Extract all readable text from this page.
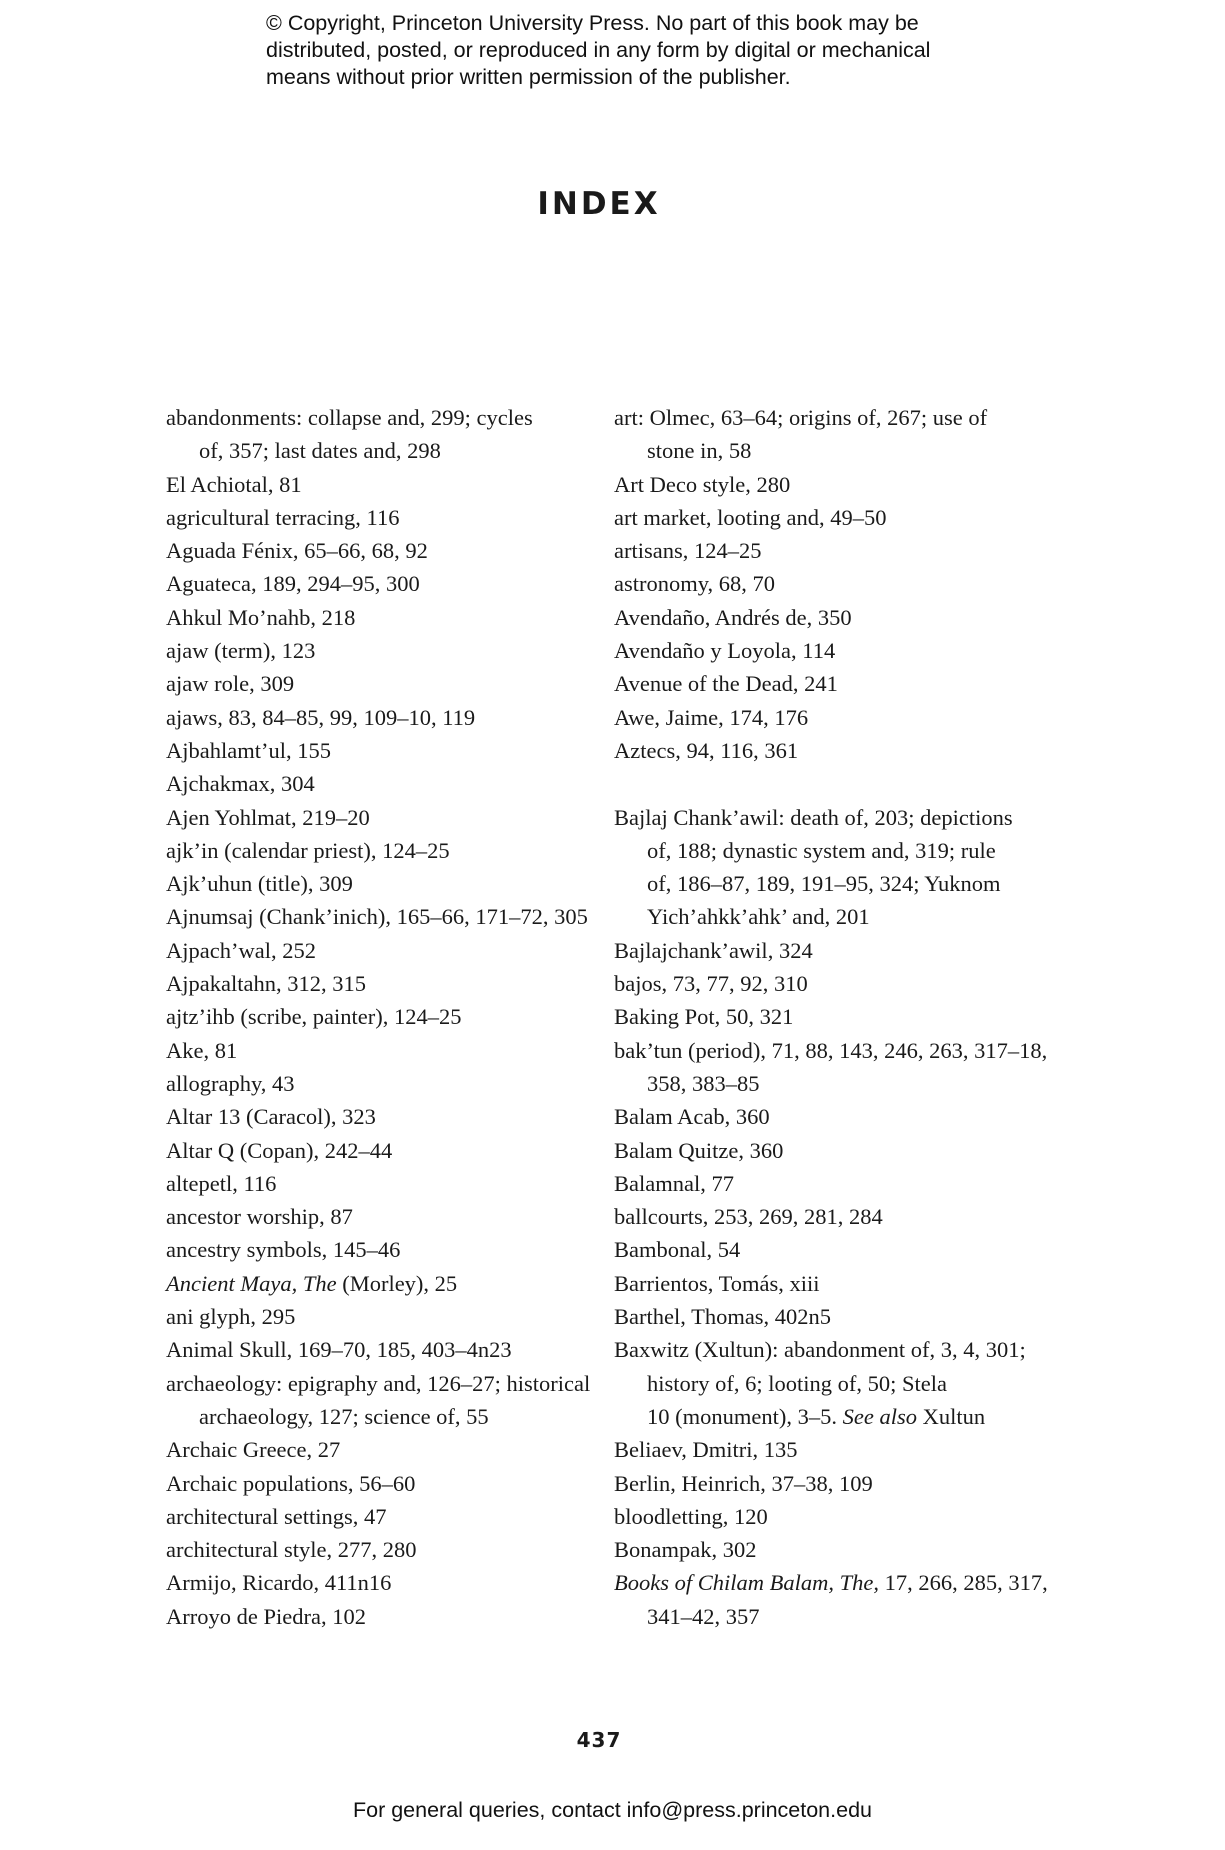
© Copyright, Princeton University Press. No part of this book may be
distributed, posted, or reproduced in any form by digital or mechanical
means without prior written permission of the publisher.
INDEX
abandonments: collapse and, 299; cycles
of, 357; last dates and, 298
El Achiotal, 81
agricultural terracing, 116
Aguada Fénix, 65–66, 68, 92
Aguateca, 189, 294–95, 300
Ahkul Mo’nahb, 218
ajaw (term), 123
ajaw role, 309
ajaws, 83, 84–85, 99, 109–10, 119
Ajbahlamt’ul, 155
Ajchakmax, 304
Ajen Yohlmat, 219–20
ajk’in (calendar priest), 124–25
Ajk’uhun (title), 309
Ajnumsaj (Chank’inich), 165–66, 171–72, 305
Ajpach’wal, 252
Ajpakaltahn, 312, 315
ajtz’ihb (scribe, painter), 124–25
Ake, 81
allography, 43
Altar 13 (Caracol), 323
Altar Q (Copan), 242–44
altepetl, 116
ancestor worship, 87
ancestry symbols, 145–46
Ancient Maya, The (Morley), 25
ani glyph, 295
Animal Skull, 169–70, 185, 403–4n23
archaeology: epigraphy and, 126–27; historical
archaeology, 127; science of, 55
Archaic Greece, 27
Archaic populations, 56–60
architectural settings, 47
architectural style, 277, 280
Armijo, Ricardo, 411n16
Arroyo de Piedra, 102
art: Olmec, 63–64; origins of, 267; use of
stone in, 58
Art Deco style, 280
art market, looting and, 49–50
artisans, 124–25
astronomy, 68, 70
Avendaño, Andrés de, 350
Avendaño y Loyola, 114
Avenue of the Dead, 241
Awe, Jaime, 174, 176
Aztecs, 94, 116, 361
Bajlaj Chank’awil: death of, 203; depictions
of, 188; dynastic system and, 319; rule
of, 186–87, 189, 191–95, 324; Yuknom
Yich’ahkk’ahk’ and, 201
Bajlajchank’awil, 324
bajos, 73, 77, 92, 310
Baking Pot, 50, 321
bak’tun (period), 71, 88, 143, 246, 263, 317–18,
358, 383–85
Balam Acab, 360
Balam Quitze, 360
Balamnal, 77
ballcourts, 253, 269, 281, 284
Bambonal, 54
Barrientos, Tomás, xiii
Barthel, Thomas, 402n5
Baxwitz (Xultun): abandonment of, 3, 4, 301;
history of, 6; looting of, 50; Stela
10 (monument), 3–5. See also Xultun
Beliaev, Dmitri, 135
Berlin, Heinrich, 37–38, 109
bloodletting, 120
Bonampak, 302
Books of Chilam Balam, The, 17, 266, 285, 317,
341–42, 357
437
For general queries, contact info@press.princeton.edu
